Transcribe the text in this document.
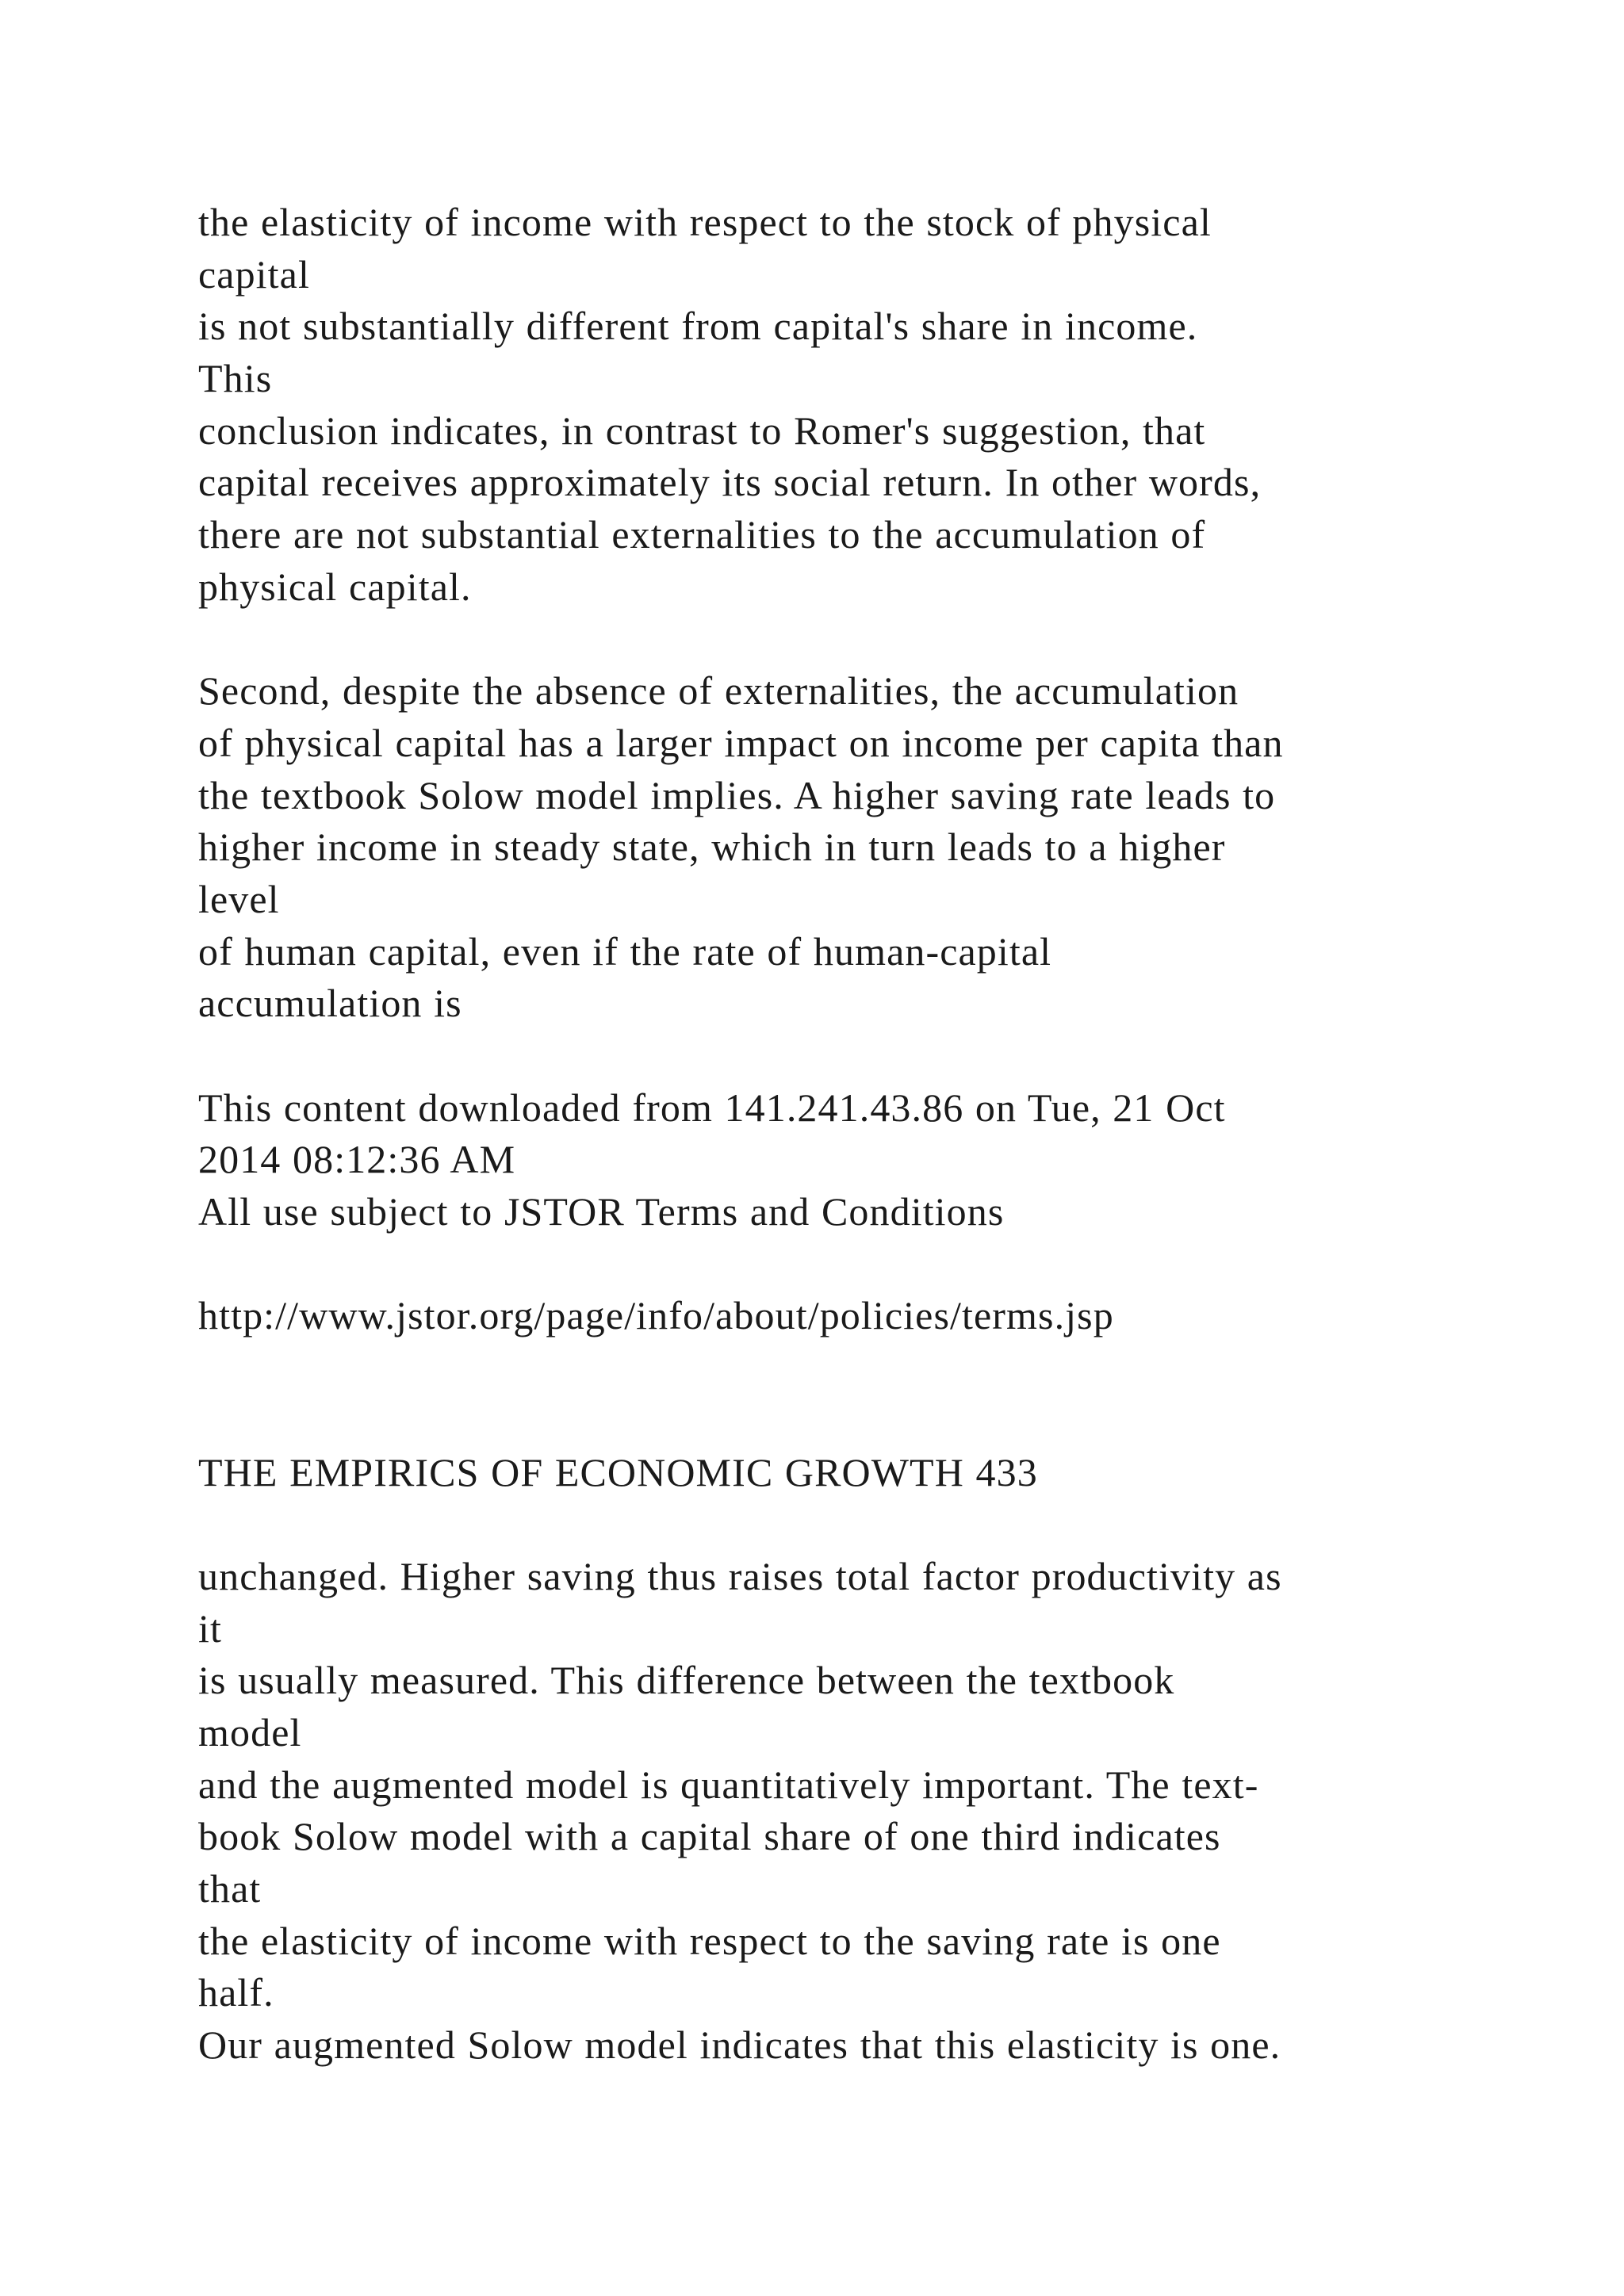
the elasticity of income with respect to the stock of physical
capital
is not substantially different from capital's share in income.
This
conclusion indicates, in contrast to Romer's suggestion, that
capital receives approximately its social return. In other words,
there are not substantial externalities to the accumulation of
physical capital.
Second, despite the absence of externalities, the accumulation
of physical capital has a larger impact on income per capita than
the textbook Solow model implies. A higher saving rate leads to
higher income in steady state, which in turn leads to a higher
level
of human capital, even if the rate of human-capital
accumulation is
This content downloaded from 141.241.43.86 on Tue, 21 Oct
2014 08:12:36 AM
All use subject to JSTOR Terms and Conditions
http://www.jstor.org/page/info/about/policies/terms.jsp
THE EMPIRICS OF ECONOMIC GROWTH 433
unchanged. Higher saving thus raises total factor productivity as
it
is usually measured. This difference between the textbook
model
and the augmented model is quantitatively important. The text-
book Solow model with a capital share of one third indicates
that
the elasticity of income with respect to the saving rate is one
half.
Our augmented Solow model indicates that this elasticity is one.
